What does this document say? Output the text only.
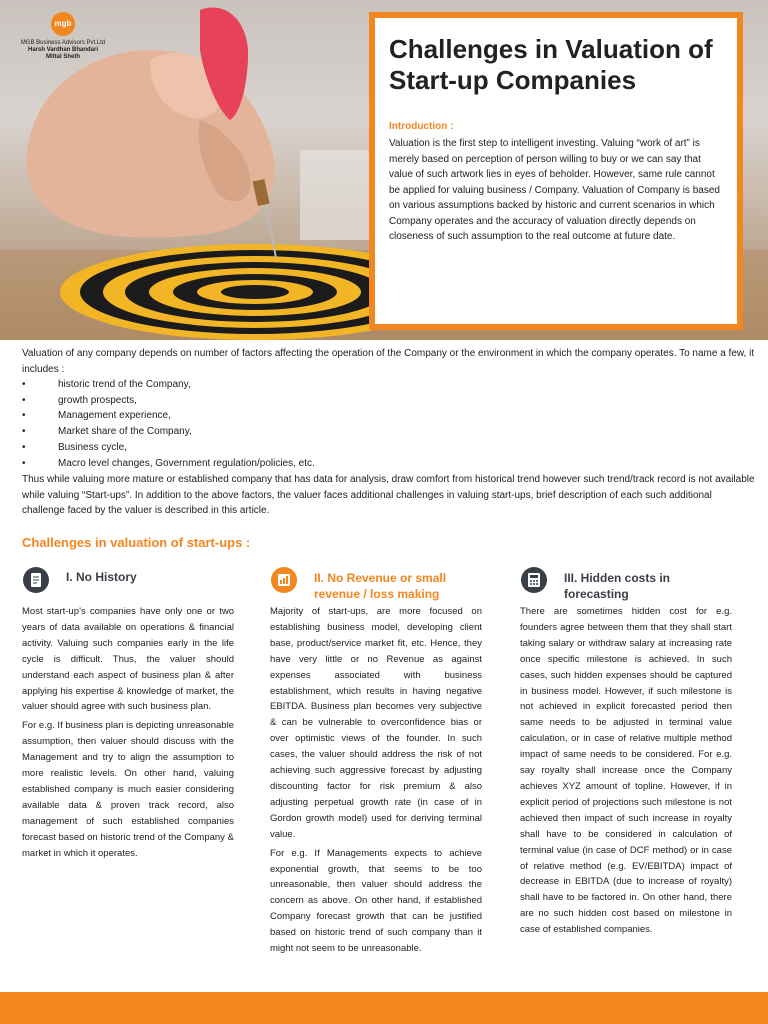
mgb
MGB Business Advisors Pvt.Ltd
Harsh Vardhan Bhandari
Mittal Sheth	Challenges in Valuation of Start-up Companies
Introduction :
Valuation is the first step to intelligent investing. Valuing “work of art” is merely based on perception of person willing to buy or we can say that value of such artwork lies in eyes of beholder. However, same rule cannot be applied for valuing business / Company. Valuation of Company is based on various assumptions backed by historic and current scenarios in which Company operates and the accuracy of valuation directly depends on closeness of such assumption to the real outcome at future date.
Valuation of any company depends on number of factors affecting the operation of the Company or the environment in which the company operates. To name a few, it includes :
•	historic trend of the Company,
•	growth prospects,
•	Management experience,
•	Market share of the Company,
•	Business cycle,
•	Macro level changes, Government regulation/policies, etc.
Thus while valuing more mature or established company that has data for analysis, draw comfort from historical trend however such trend/track record is not available while valuing “Start-ups”. In addition to the above factors, the valuer faces additional challenges in valuing start-ups, brief description of each such additional challenge faced by the valuer is described in this article.
Challenges in valuation of start-ups :
I. No History

Most start-up’s companies have only one or two years of data available on operations & financial activity. Valuing such companies early in the life cycle is difficult. Thus, the valuer should understand each aspect of business plan & after applying his expertise & knowledge of market, the valuer should agree with such business plan.

For e.g. If business plan is depicting unreasonable assumption, then valuer should discuss with the Management and try to align the assumption to more realistic levels. On other hand, valuing established company is much easier considering available data & proven track record, also management of such established companies forecast based on historic trend of the Company & market in which it operates.

II. No Revenue or small revenue / loss making

Majority of start-ups, are more focused on establishing business model, developing client base, product/service market fit, etc. Hence, they have very little or no Revenue as against expenses associated with business establishment, which results in having negative EBITDA. Business plan becomes very subjective & can be vulnerable to overconfidence bias or over optimistic views of the founder. In such cases, the valuer should address the risk of not achieving such aggressive forecast by adjusting discounting factor for risk premium & also adjusting perpetual growth rate (in case of in Gordon growth model) used for deriving terminal value.

For e.g. If Managements expects to achieve exponential growth, that seems to be too unreasonable, then valuer should address the concern as above. On other hand, if established Company forecast growth that can be justified based on historic trend of such company than it might not seem to be unreasonable.

III. Hidden costs in forecasting

There are sometimes hidden cost for e.g. founders agree between them that they shall start taking salary or withdraw salary at increasing rate once specific milestone is achieved. In such cases, such hidden expenses should be captured in business model. However, if such milestone is not achieved in explicit forecasted period then same needs to be adjusted in terminal value calculation, or in case of relative multiple method impact of same needs to be considered. For e.g. say royalty shall increase once the Company achieves XYZ amount of topline. However, if in explicit period of projections such milestone is not achieved then impact of such increase in royalty shall have to be considered in calculation of terminal value (in case of DCF method) or in case of relative method (e.g. EV/EBITDA) impact of decrease in EBITDA (due to increase of royalty) shall have to be factored in. On other hand, there are no such hidden cost based on milestone in case of established companies.
